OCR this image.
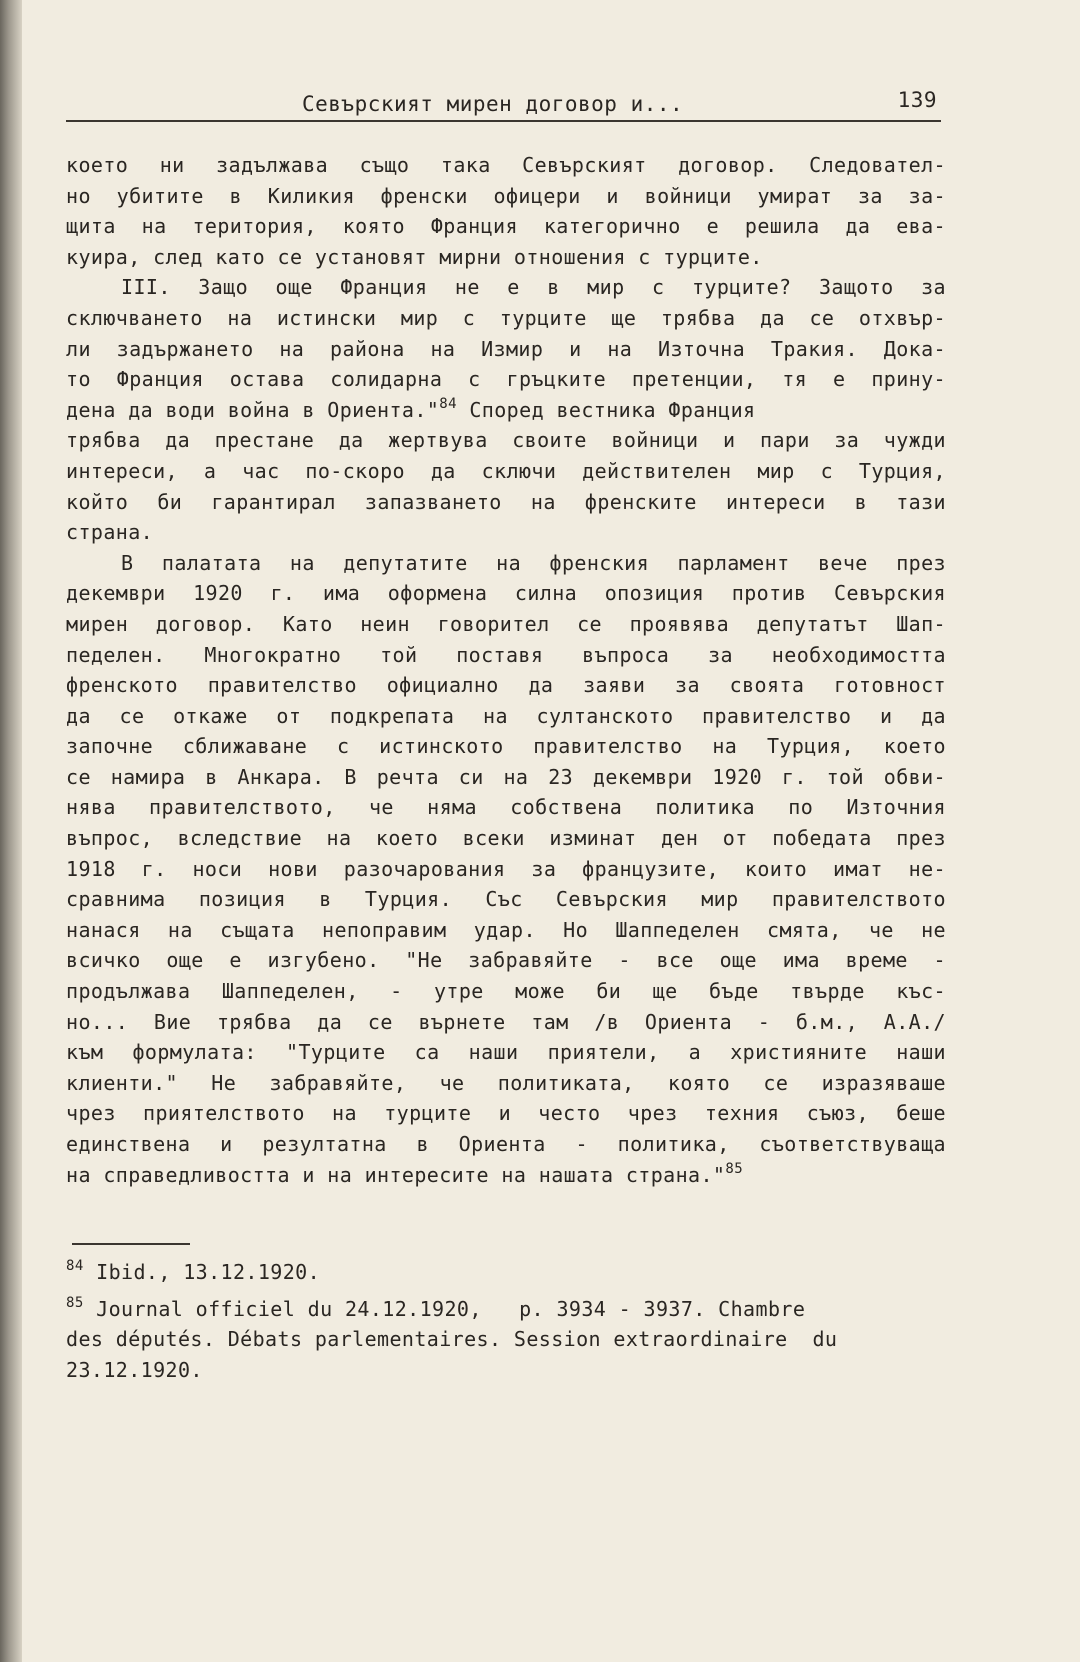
Севърският мирен договор и...	139
което ни задължава също така Севърският договор. Следовател-
но убитите в Киликия френски офицери и войници умират за за-
щита на територия, която Франция категорично е решила да ева-
куира, след като се установят мирни отношения с турците.
III. Защо още Франция не е в мир с турците? Защото за
сключването на истински мир с турците ще трябва да се отхвър-
ли задържането на района на Измир и на Източна Тракия. Дока-
то Франция остава солидарна с гръцките претенции, тя е прину-
дена да води война в Ориента."$^{84}$ Според вестника Франция
трябва да престане да жертвува своите войници и пари за чужди
интереси, а час по-скоро да сключи действителен мир с Турция,
който би гарантирал запазването на френските интереси в тази
страна.
В палатата на депутатите на френския парламент вече през
декември 1920 г. има оформена силна опозиция против Севърския
мирен договор. Като неин говорител се проявява депутатът Шап-
педелен. Многократно той поставя въпроса за необходимостта
френското правителство официално да заяви за своята готовност
да се откаже от подкрепата на султанското правителство и да
започне сближаване с истинското правителство на Турция, което
се намира в Анкара. В речта си на 23 декември 1920 г. той обви-
нява правителството, че няма собствена политика по Източния
въпрос, вследствие на което всеки изминат ден от победата през
1918 г. носи нови разочарования за французите, които имат не-
сравнима позиция в Турция. Със Севърския мир правителството
нанася на същата непоправим удар. Но Шаппеделен смята, че не
всичко още е изгубено. "Не забравяйте - все още има време -
продължава Шаппеделен, - утре може би ще бъде твърде къс-
но... Вие трябва да се върнете там /в Ориента - б.м., А.А./
към формулата: "Турците са наши приятели, а християните наши
клиенти." Не забравяйте, че политиката, която се изразяваше
чрез приятелството на турците и често чрез техния съюз, беше
единствена и резултатна в Ориента - политика, съответствуваща
на справедливостта и на интересите на нашата страна."$^{85}$
$^{84}$ Ibid., 13.12.1920.
$^{85}$ Journal officiel du 24.12.1920,   p. 3934 - 3937. Chambre
des députés. Débats parlementaires. Session extraordinaire  du
23.12.1920.
